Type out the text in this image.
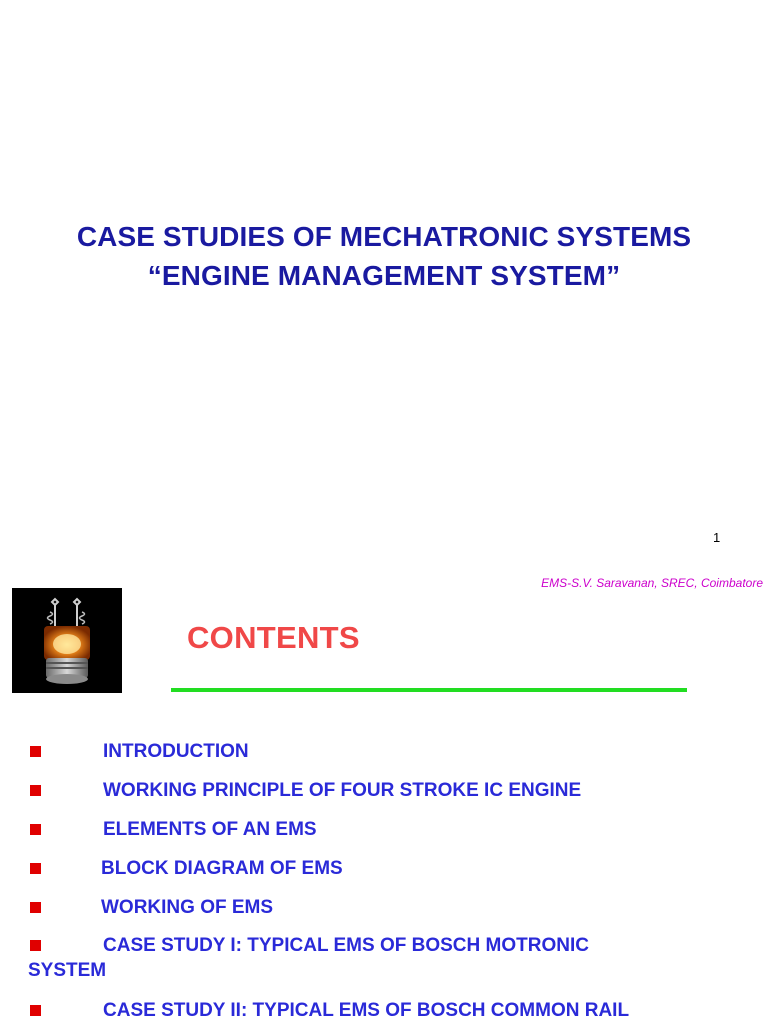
CASE STUDIES OF MECHATRONIC SYSTEMS
“ENGINE MANAGEMENT SYSTEM”
1
EMS-S.V. Saravanan, SREC, Coimbatore
CONTENTS
INTRODUCTION
WORKING PRINCIPLE OF FOUR STROKE IC ENGINE
ELEMENTS OF AN EMS
BLOCK DIAGRAM OF EMS
WORKING OF EMS
CASE STUDY I: TYPICAL EMS OF BOSCH MOTRONIC
SYSTEM
CASE STUDY II: TYPICAL EMS OF BOSCH COMMON RAIL
